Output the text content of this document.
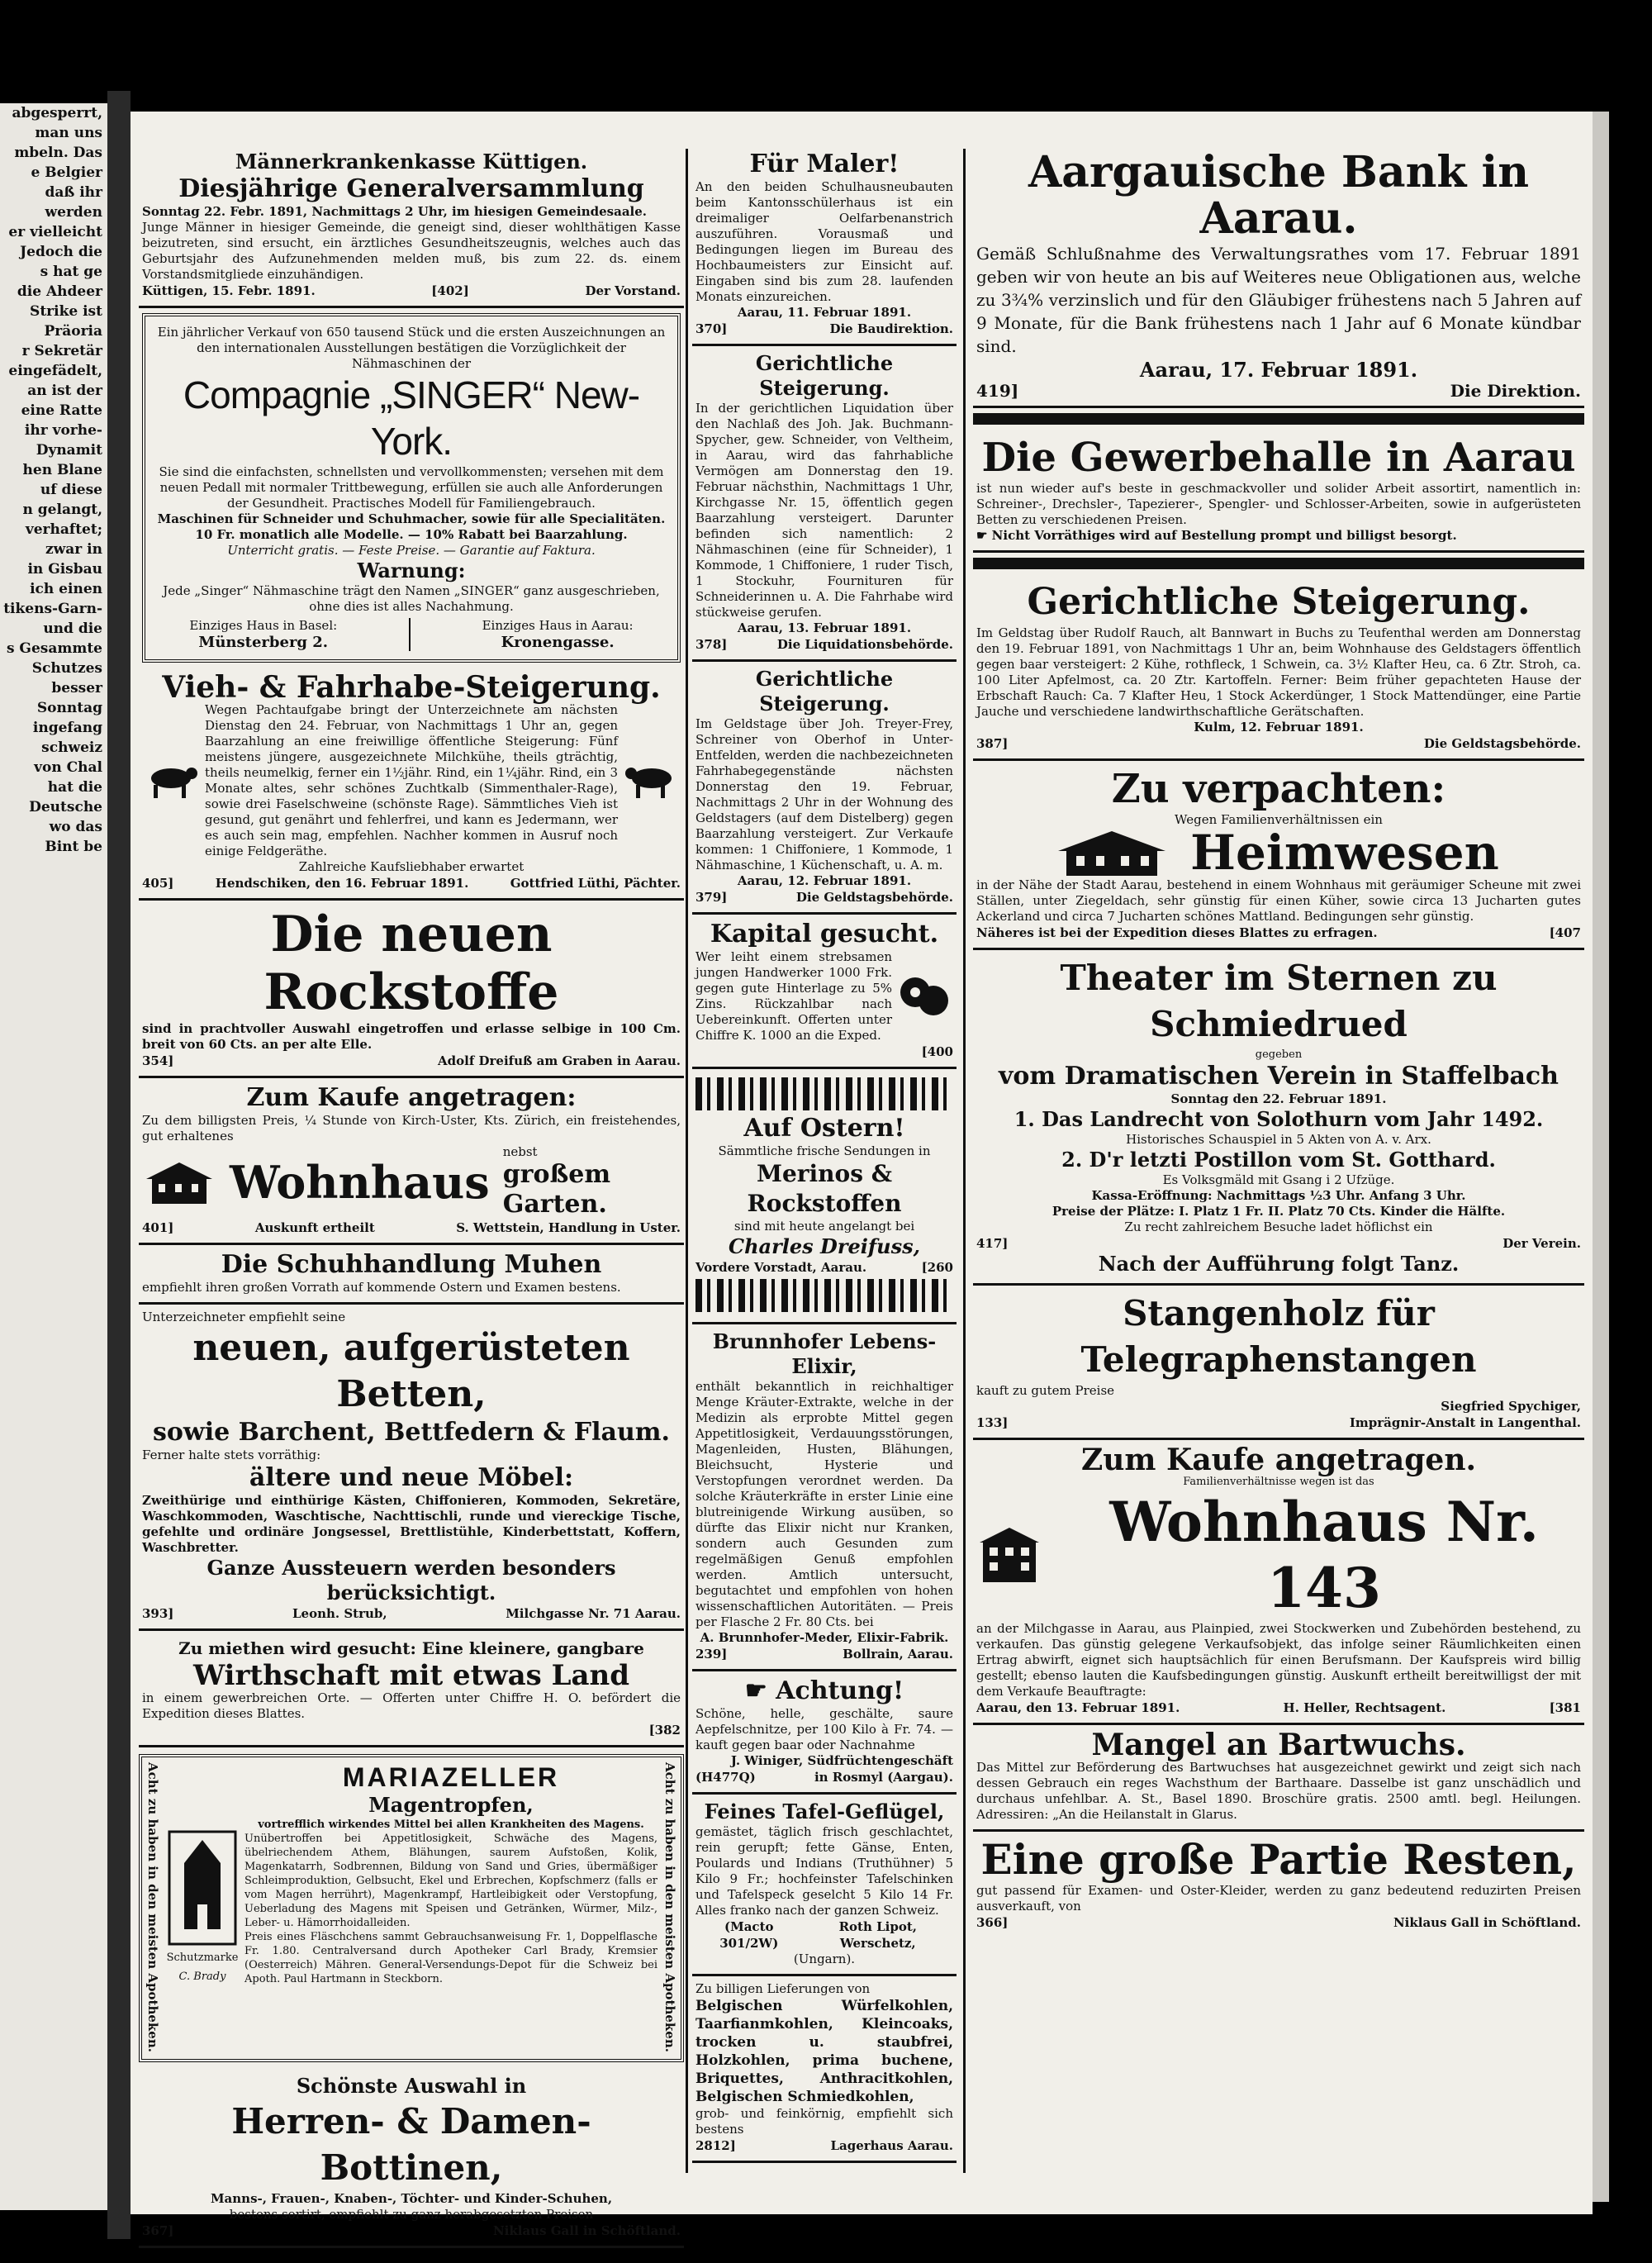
abgesperrt,
man uns
mbeln. Das
e Belgier
daß ihr
werden
er vielleicht
Jedoch die
s hat ge
die Ahdeer
Strike ist
Präoria
r Sekretär
eingefädelt,
an ist der
eine Ratte
ihr vorhe-
Dynamit
hen Blane
uf diese
n gelangt,
verhaftet;
zwar in
in Gisbau
ich einen
tikens-Garn-
und die
s Gesammte
Schutzes
besser
Sonntag
ingefang
schweiz
von Chal
hat die
Deutsche
wo das
Bint be
Männerkrankenkasse Küttigen.
Diesjährige Generalversammlung
Sonntag 22. Febr. 1891, Nachmittags 2 Uhr, im hiesigen Gemeindesaale.
Junge Männer in hiesiger Gemeinde, die geneigt sind, dieser wohlthätigen Kasse beizutreten, sind ersucht, ein ärztliches Gesundheitszeugnis, welches auch das Geburtsjahr des Aufzunehmenden melden muß, bis zum 22. ds. einem Vorstandsmitgliede einzuhändigen.
Küttigen, 15. Febr. 1891.	[402]	Der Vorstand.
Ein jährlicher Verkauf von 650 tausend Stück und die ersten Auszeichnungen an den internationalen Ausstellungen bestätigen die Vorzüglichkeit der Nähmaschinen der
Compagnie „SINGER“ New-York.
Sie sind die einfachsten, schnellsten und vervollkommensten; versehen mit dem neuen Pedall mit normaler Trittbewegung, erfüllen sie auch alle Anforderungen der Gesundheit. Practisches Modell für Familiengebrauch.
Maschinen für Schneider und Schuhmacher, sowie für alle Specialitäten.
10 Fr. monatlich alle Modelle. — 10% Rabatt bei Baarzahlung.
Unterricht gratis. — Feste Preise. — Garantie auf Faktura.
Warnung:
Jede „Singer“ Nähmaschine trägt den Namen „SINGER“ ganz ausgeschrieben, ohne dies ist alles Nachahmung.
Einziges Haus in Basel:
Münsterberg 2.
Einziges Haus in Aarau:
Kronengasse.
Vieh- & Fahrhabe-Steigerung.
Wegen Pachtaufgabe bringt der Unterzeichnete am nächsten Dienstag den 24. Februar, von Nachmittags 1 Uhr an, gegen Baarzahlung an eine freiwillige öffentliche Steigerung: Fünf meistens jüngere, ausgezeichnete Milchkühe, theils gträchtig, theils neumelkig, ferner ein 1½jähr. Rind, ein 1¼jähr. Rind, ein 3 Monate altes, sehr schönes Zuchtkalb (Simmenthaler-Rage), sowie drei Faselschweine (schönste Rage). Sämmtliches Vieh ist gesund, gut genährt und fehlerfrei, und kann es Jedermann, wer es auch sein mag, empfehlen. Nachher kommen in Ausruf noch einige Feldgeräthe.
Zahlreiche Kaufsliebhaber erwartet
405]	Hendschiken, den 16. Februar 1891.	Gottfried Lüthi, Pächter.
Die neuen Rockstoffe
sind in prachtvoller Auswahl eingetroffen und erlasse selbige in 100 Cm. breit von 60 Cts. an per alte Elle.
354]	Adolf Dreifuß am Graben in Aarau.
Zum Kaufe angetragen:
Zu dem billigsten Preis, ¼ Stunde von Kirch-Uster, Kts. Zürich, ein freistehendes, gut erhaltenes
Wohnhaus
nebst
großem Garten.
401]	Auskunft ertheilt	S. Wettstein, Handlung in Uster.
Die Schuhhandlung Muhen
empfiehlt ihren großen Vorrath auf kommende Ostern und Examen bestens.
Unterzeichneter empfiehlt seine
neuen, aufgerüsteten Betten,
sowie Barchent, Bettfedern & Flaum.
Ferner halte stets vorräthig:
ältere und neue Möbel:
Zweithürige und einthürige Kästen, Chiffonieren, Kommoden, Sekretäre, Waschkommoden, Waschtische, Nachttischli, runde und viereckige Tische, gefehlte und ordinäre Jongsessel, Brettlistühle, Kinderbettstatt, Koffern, Waschbretter.
Ganze Aussteuern werden besonders berücksichtigt.
393]	Leonh. Strub,	Milchgasse Nr. 71 Aarau.
Zu miethen wird gesucht: Eine kleinere, gangbare
Wirthschaft mit etwas Land
in einem gewerbreichen Orte. — Offerten unter Chiffre H. O. befördert die Expedition dieses Blattes.
[382
Acht zu haben in den meisten Apotheken. Schutzmarke
C. Brady
MARIAZELLER
Magentropfen,
vortrefflich wirkendes Mittel bei allen Krankheiten des Magens.
Unübertroffen bei Appetitlosigkeit, Schwäche des Magens, übelriechendem Athem, Blähungen, saurem Aufstoßen, Kolik, Magenkatarrh, Sodbrennen, Bildung von Sand und Gries, übermäßiger Schleimproduktion, Gelbsucht, Ekel und Erbrechen, Kopfschmerz (falls er vom Magen herrührt), Magenkrampf, Hartleibigkeit oder Verstopfung, Ueberladung des Magens mit Speisen und Getränken, Würmer, Milz-, Leber- u. Hämorrhoidalleiden.
Preis eines Fläschchens sammt Gebrauchsanweisung Fr. 1, Doppelflasche Fr. 1.80. Centralversand durch Apotheker Carl Brady, Kremsier (Oesterreich) Mähren. General-Versendungs-Depot für die Schweiz bei Apoth. Paul Hartmann in Steckborn.	Acht zu haben in den meisten Apotheken.
Schönste Auswahl in
Herren- & Damen-Bottinen,
Manns-, Frauen-, Knaben-, Töchter- und Kinder-Schuhen,
bestens sortirt, empfiehlt zu ganz herabgesetzten Preisen
367]	Niklaus Gall in Schöftland.
Für Maler!
An den beiden Schulhausneubauten beim Kantonsschülerhaus ist ein dreimaliger Oelfarbenanstrich auszuführen. Vorausmaß und Bedingungen liegen im Bureau des Hochbaumeisters zur Einsicht auf. Eingaben sind bis zum 28. laufenden Monats einzureichen.
Aarau, 11. Februar 1891.
370]	Die Baudirektion.
Gerichtliche Steigerung.
In der gerichtlichen Liquidation über den Nachlaß des Joh. Jak. Buchmann-Spycher, gew. Schneider, von Veltheim, in Aarau, wird das fahrhabliche Vermögen am Donnerstag den 19. Februar nächsthin, Nachmittags 1 Uhr, Kirchgasse Nr. 15, öffentlich gegen Baarzahlung versteigert. Darunter befinden sich namentlich: 2 Nähmaschinen (eine für Schneider), 1 Kommode, 1 Chiffoniere, 1 ruder Tisch, 1 Stockuhr, Fournituren für Schneiderinnen u. A. Die Fahrhabe wird stückweise gerufen.
Aarau, 13. Februar 1891.
378]	Die Liquidationsbehörde.
Gerichtliche Steigerung.
Im Geldstage über Joh. Treyer-Frey, Schreiner von Oberhof in Unter-Entfelden, werden die nachbezeichneten Fahrhabegegenstände nächsten Donnerstag den 19. Februar, Nachmittags 2 Uhr in der Wohnung des Geldstagers (auf dem Distelberg) gegen Baarzahlung versteigert. Zur Verkaufe kommen: 1 Chiffoniere, 1 Kommode, 1 Nähmaschine, 1 Küchenschaft, u. A. m.
Aarau, 12. Februar 1891.
379]	Die Geldstagsbehörde.
Kapital gesucht.
Wer leiht einem strebsamen jungen Handwerker 1000 Frk. gegen gute Hinterlage zu 5% Zins. Rückzahlbar nach Uebereinkunft. Offerten unter Chiffre K. 1000 an die Exped.
[400
Auf Ostern!
Sämmtliche frische Sendungen in
Merinos & Rockstoffen
sind mit heute angelangt bei
Charles Dreifuss,
Vordere Vorstadt, Aarau.	[260
Brunnhofer Lebens-Elixir,
enthält bekanntlich in reichhaltiger Menge Kräuter-Extrakte, welche in der Medizin als erprobte Mittel gegen Appetitlosigkeit, Verdauungsstörungen, Magenleiden, Husten, Blähungen, Bleichsucht, Hysterie und Verstopfungen verordnet werden. Da solche Kräuterkräfte in erster Linie eine blutreinigende Wirkung ausüben, so dürfte das Elixir nicht nur Kranken, sondern auch Gesunden zum regelmäßigen Genuß empfohlen werden. Amtlich untersucht, begutachtet und empfohlen von hohen wissenschaftlichen Autoritäten. — Preis per Flasche 2 Fr. 80 Cts. bei
A. Brunnhofer-Meder, Elixir-Fabrik.
239]	Bollrain, Aarau.
☛ Achtung!
Schöne, helle, geschälte, saure Aepfelschnitze, per 100 Kilo à Fr. 74. — kauft gegen baar oder Nachnahme
J. Winiger, Südfrüchtengeschäft
(H477Q)	in Rosmyl (Aargau).
Feines Tafel-Geflügel,
gemästet, täglich frisch geschlachtet, rein gerupft; fette Gänse, Enten, Poulards und Indians (Truthühner) 5 Kilo 9 Fr.; hochfeinster Tafelschinken und Tafelspeck geselcht 5 Kilo 14 Fr. Alles franko nach der ganzen Schweiz.
(Macto 301/2W)
Roth Lipot, Werschetz,
(Ungarn).
Zu billigen Lieferungen von
Belgischen Würfelkohlen, Taarfianmkohlen, Kleincoaks, trocken u. staubfrei, Holzkohlen, prima buchene, Briquettes, Anthracitkohlen, Belgischen Schmiedkohlen,
grob- und feinkörnig, empfiehlt sich bestens
2812]	Lagerhaus Aarau.
Aargauische Bank in Aarau.
Gemäß Schlußnahme des Verwaltungsrathes vom 17. Februar 1891 geben wir von heute an bis auf Weiteres neue Obligationen aus, welche zu 3¾% verzinslich und für den Gläubiger frühestens nach 5 Jahren auf 9 Monate, für die Bank frühestens nach 1 Jahr auf 6 Monate kündbar sind.
Aarau, 17. Februar 1891.
419]	Die Direktion.
Die Gewerbehalle in Aarau
ist nun wieder auf's beste in geschmackvoller und solider Arbeit assortirt, namentlich in: Schreiner-, Drechsler-, Tapezierer-, Spengler- und Schlosser-Arbeiten, sowie in aufgerüsteten Betten zu verschiedenen Preisen.
☛ Nicht Vorräthiges wird auf Bestellung prompt und billigst besorgt.
Gerichtliche Steigerung.
Im Geldstag über Rudolf Rauch, alt Bannwart in Buchs zu Teufenthal werden am Donnerstag den 19. Februar 1891, von Nachmittags 1 Uhr an, beim Wohnhause des Geldstagers öffentlich gegen baar versteigert: 2 Kühe, rothfleck, 1 Schwein, ca. 3½ Klafter Heu, ca. 6 Ztr. Stroh, ca. 100 Liter Apfelmost, ca. 20 Ztr. Kartoffeln. Ferner: Beim früher gepachteten Hause der Erbschaft Rauch: Ca. 7 Klafter Heu, 1 Stock Ackerdünger, 1 Stock Mattendünger, eine Partie Jauche und verschiedene landwirthschaftliche Gerätschaften.
Kulm, 12. Februar 1891.
387]	Die Geldstagsbehörde.
Zu verpachten:
Wegen Familienverhältnissen ein
Heimwesen
in der Nähe der Stadt Aarau, bestehend in einem Wohnhaus mit geräumiger Scheune mit zwei Ställen, unter Ziegeldach, sehr günstig für einen Küher, sowie circa 13 Jucharten gutes Ackerland und circa 7 Jucharten schönes Mattland. Bedingungen sehr günstig.
Näheres ist bei der Expedition dieses Blattes zu erfragen.	[407
Theater im Sternen zu Schmiedrued
gegeben
vom Dramatischen Verein in Staffelbach
Sonntag den 22. Februar 1891.
1. Das Landrecht von Solothurn vom Jahr 1492.
Historisches Schauspiel in 5 Akten von A. v. Arx.
2. D'r letzti Postillon vom St. Gotthard.
Es Volksgmäld mit Gsang i 2 Ufzüge.
Kassa-Eröffnung: Nachmittags ½3 Uhr. Anfang 3 Uhr.
Preise der Plätze: I. Platz 1 Fr. II. Platz 70 Cts. Kinder die Hälfte.
Zu recht zahlreichem Besuche ladet höflichst ein
417]	Der Verein.
Nach der Aufführung folgt Tanz.
Stangenholz für Telegraphenstangen
kauft zu gutem Preise
Siegfried Spychiger,
133]	Imprägnir-Anstalt in Langenthal.
Zum Kaufe angetragen.
Familienverhältnisse wegen ist das
Wohnhaus Nr. 143
an der Milchgasse in Aarau, aus Plainpied, zwei Stockwerken und Zubehörden bestehend, zu verkaufen. Das günstig gelegene Verkaufsobjekt, das infolge seiner Räumlichkeiten einen Ertrag abwirft, eignet sich hauptsächlich für einen Berufsmann. Der Kaufspreis wird billig gestellt; ebenso lauten die Kaufsbedingungen günstig. Auskunft ertheilt bereitwilligst der mit dem Verkaufe Beauftragte:
Aarau, den 13. Februar 1891.	H. Heller, Rechtsagent.	[381
Mangel an Bartwuchs.
Das Mittel zur Beförderung des Bartwuchses hat ausgezeichnet gewirkt und zeigt sich nach dessen Gebrauch ein reges Wachsthum der Barthaare. Dasselbe ist ganz unschädlich und durchaus unfehlbar. A. St., Basel 1890. Broschüre gratis. 2500 amtl. begl. Heilungen. Adressiren: „An die Heilanstalt in Glarus.
Eine große Partie Resten,
gut passend für Examen- und Oster-Kleider, werden zu ganz bedeutend reduzirten Preisen ausverkauft, von
366]	Niklaus Gall in Schöftland.
